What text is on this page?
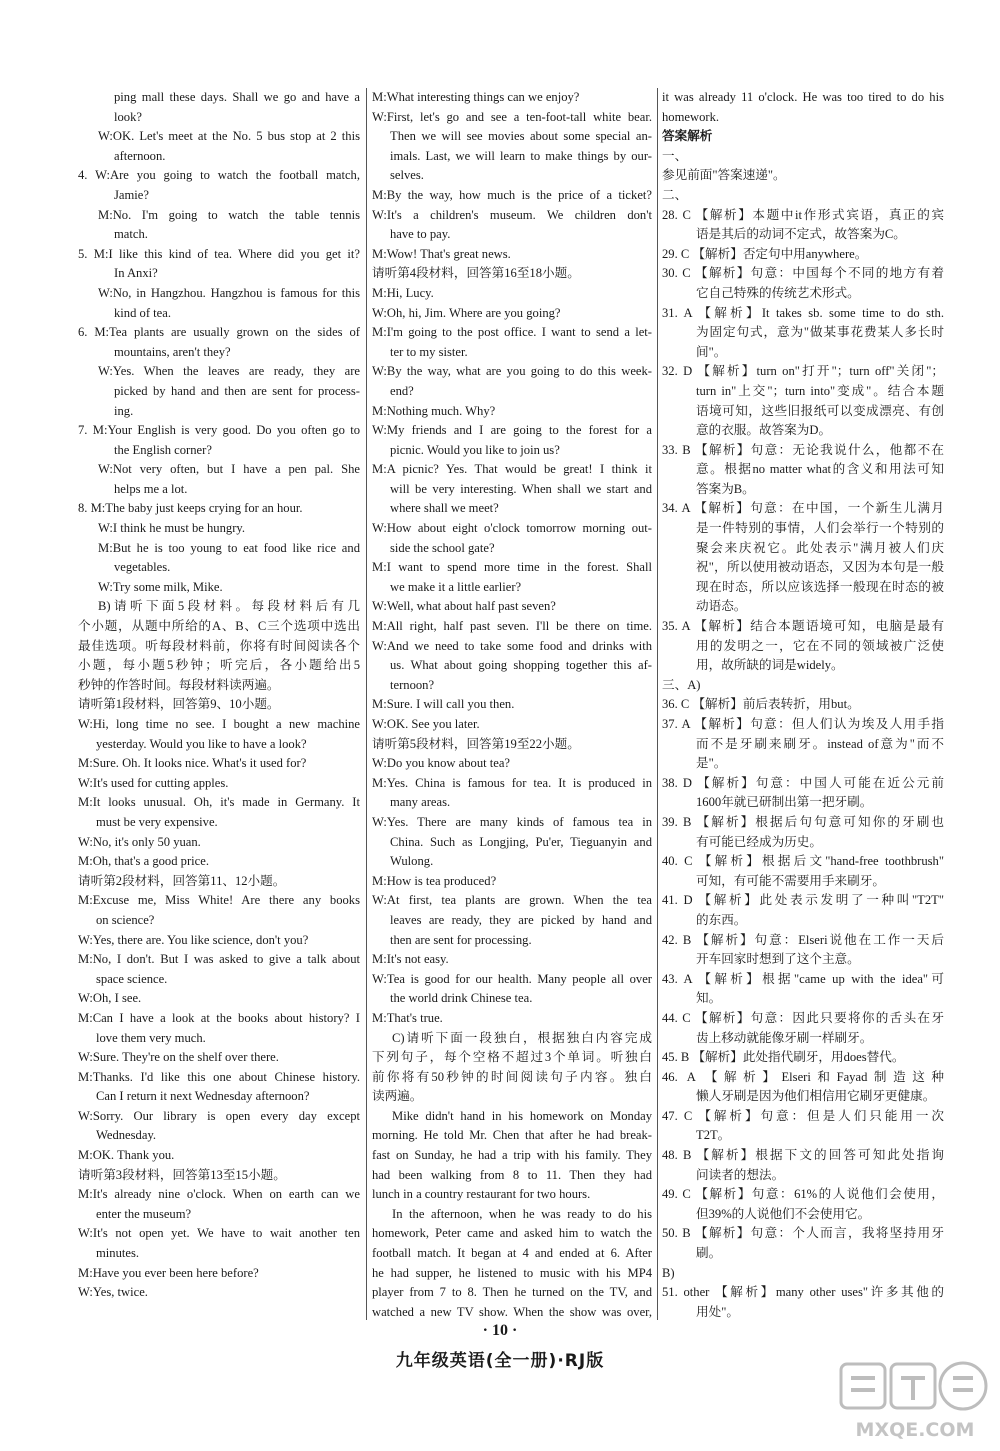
ping mall these days. Shall we go and have a
look?
W:OK. Let's meet at the No. 5 bus stop at 2 this
afternoon.
4. W:Are you going to watch the football match,
Jamie?
M:No. I'm going to watch the table tennis
match.
5. M:I like this kind of tea. Where did you get it?
In Anxi?
W:No, in Hangzhou. Hangzhou is famous for this
kind of tea.
6. M:Tea plants are usually grown on the sides of
mountains, aren't they?
W:Yes. When the leaves are ready, they are
picked by hand and then are sent for process-
ing.
7. M:Your English is very good. Do you often go to
the English corner?
W:Not very often, but I have a pen pal. She
helps me a lot.
8. M:The baby just keeps crying for an hour.
W:I think he must be hungry.
M:But he is too young to eat food like rice and
vegetables.
W:Try some milk, Mike.
B)请听下面5段材料。每段材料后有几
个小题，从题中所给的A、B、C三个选项中选出
最佳选项。听每段材料前，你将有时间阅读各个
小题，每小题5秒钟；听完后，各小题给出5
秒钟的作答时间。每段材料读两遍。
请听第1段材料，回答第9、10小题。
W:Hi, long time no see. I bought a new machine
yesterday. Would you like to have a look?
M:Sure. Oh. It looks nice. What's it used for?
W:It's used for cutting apples.
M:It looks unusual. Oh, it's made in Germany. It
must be very expensive.
W:No, it's only 50 yuan.
M:Oh, that's a good price.
请听第2段材料，回答第11、12小题。
M:Excuse me, Miss White! Are there any books
on science?
W:Yes, there are. You like science, don't you?
M:No, I don't. But I was asked to give a talk about
space science.
W:Oh, I see.
M:Can I have a look at the books about history? I
love them very much.
W:Sure. They're on the shelf over there.
M:Thanks. I'd like this one about Chinese history.
Can I return it next Wednesday afternoon?
W:Sorry. Our library is open every day except
Wednesday.
M:OK. Thank you.
请听第3段材料，回答第13至15小题。
M:It's already nine o'clock. When on earth can we
enter the museum?
W:It's not open yet. We have to wait another ten
minutes.
M:Have you ever been here before?
W:Yes, twice.
M:What interesting things can we enjoy?
W:First, let's go and see a ten-foot-tall white bear.
Then we will see movies about some special an-
imals. Last, we will learn to make things by our-
selves.
M:By the way, how much is the price of a ticket?
W:It's a children's museum. We children don't
have to pay.
M:Wow! That's great news.
请听第4段材料，回答第16至18小题。
M:Hi, Lucy.
W:Oh, hi, Jim. Where are you going?
M:I'm going to the post office. I want to send a let-
ter to my sister.
W:By the way, what are you going to do this week-
end?
M:Nothing much. Why?
W:My friends and I are going to the forest for a
picnic. Would you like to join us?
M:A picnic? Yes. That would be great! I think it
will be very interesting. When shall we start and
where shall we meet?
W:How about eight o'clock tomorrow morning out-
side the school gate?
M:I want to spend more time in the forest. Shall
we make it a little earlier?
W:Well, what about half past seven?
M:All right, half past seven. I'll be there on time.
W:And we need to take some food and drinks with
us. What about going shopping together this af-
ternoon?
M:Sure. I will call you then.
W:OK. See you later.
请听第5段材料，回答第19至22小题。
W:Do you know about tea?
M:Yes. China is famous for tea. It is produced in
many areas.
W:Yes. There are many kinds of famous tea in
China. Such as Longjing, Pu'er, Tieguanyin and
Wulong.
M:How is tea produced?
W:At first, tea plants are grown. When the tea
leaves are ready, they are picked by hand and
then are sent for processing.
M:It's not easy.
W:Tea is good for our health. Many people all over
the world drink Chinese tea.
M:That's true.
C)请听下面一段独白，根据独白内容完成
下列句子，每个空格不超过3个单词。听独白
前你将有50秒钟的时间阅读句子内容。独白
读两遍。
Mike didn't hand in his homework on Monday
morning. He told Mr. Chen that after he had break-
fast on Sunday, he had a trip with his family. They
had been walking from 8 to 11. Then they had
lunch in a country restaurant for two hours.
In the afternoon, when he was ready to do his
homework, Peter came and asked him to watch the
football match. It began at 4 and ended at 6. After
he had supper, he listened to music with his MP4
player from 7 to 8. Then he turned on the TV, and
watched a new TV show. When the show was over,
it was already 11 o'clock. He was too tired to do his
homework.
答案解析
一、
参见前面"答案速递"。
二、
28. C 【解析】本题中it作形式宾语，真正的宾
语是其后的动词不定式，故答案为C。
29. C 【解析】否定句中用anywhere。
30. C 【解析】句意：中国每个不同的地方有着
它自己特殊的传统艺术形式。
31. A 【解析】It takes sb. some time to do sth.
为固定句式，意为"做某事花费某人多长时
间"。
32. D 【解析】turn on"打开"；turn off"关闭"；
turn in"上交"；turn into"变成"。结合本题
语境可知，这些旧报纸可以变成漂亮、有创
意的衣服。故答案为D。
33. B 【解析】句意：无论我说什么，他都不在
意。根据no matter what的含义和用法可知
答案为B。
34. A 【解析】句意：在中国，一个新生儿满月
是一件特别的事情，人们会举行一个特别的
聚会来庆祝它。此处表示"满月被人们庆
祝"，所以使用被动语态，又因为本句是一般
现在时态，所以应该选择一般现在时态的被
动语态。
35. A 【解析】结合本题语境可知，电脑是最有
用的发明之一，它在不同的领域被广泛使
用，故所缺的词是widely。
三、A)
36. C 【解析】前后表转折，用but。
37. A 【解析】句意：但人们认为埃及人用手指
而不是牙刷来刷牙。instead of意为"而不
是"。
38. D 【解析】句意：中国人可能在近公元前
1600年就已研制出第一把牙刷。
39. B 【解析】根据后句句意可知你的牙刷也
有可能已经成为历史。
40. C 【解析】根据后文"hand-free toothbrush"
可知，有可能不需要用手来刷牙。
41. D 【解析】此处表示发明了一种叫"T2T"
的东西。
42. B 【解析】句意：Elseri说他在工作一天后
开车回家时想到了这个主意。
43. A 【解析】根据"came up with the idea"可
知。
44. C 【解析】句意：因此只要将你的舌头在牙
齿上移动就能像牙刷一样刷牙。
45. B 【解析】此处指代刷牙，用does替代。
46. A 【解析】Elseri和Fayad制造这种
懒人牙刷是因为他们相信用它刷牙更健康。
47. C 【解析】句意：但是人们只能用一次
T2T。
48. B 【解析】根据下文的回答可知此处指询
问读者的想法。
49. C 【解析】句意：61%的人说他们会使用，
但39%的人说他们不会使用它。
50. B 【解析】句意：个人而言，我将坚持用牙
刷。
B)
51. other 【解析】many other uses"许多其他的
用处"。
· 10 ·
九年级英语(全一册)·RJ版
MXQE.COM
